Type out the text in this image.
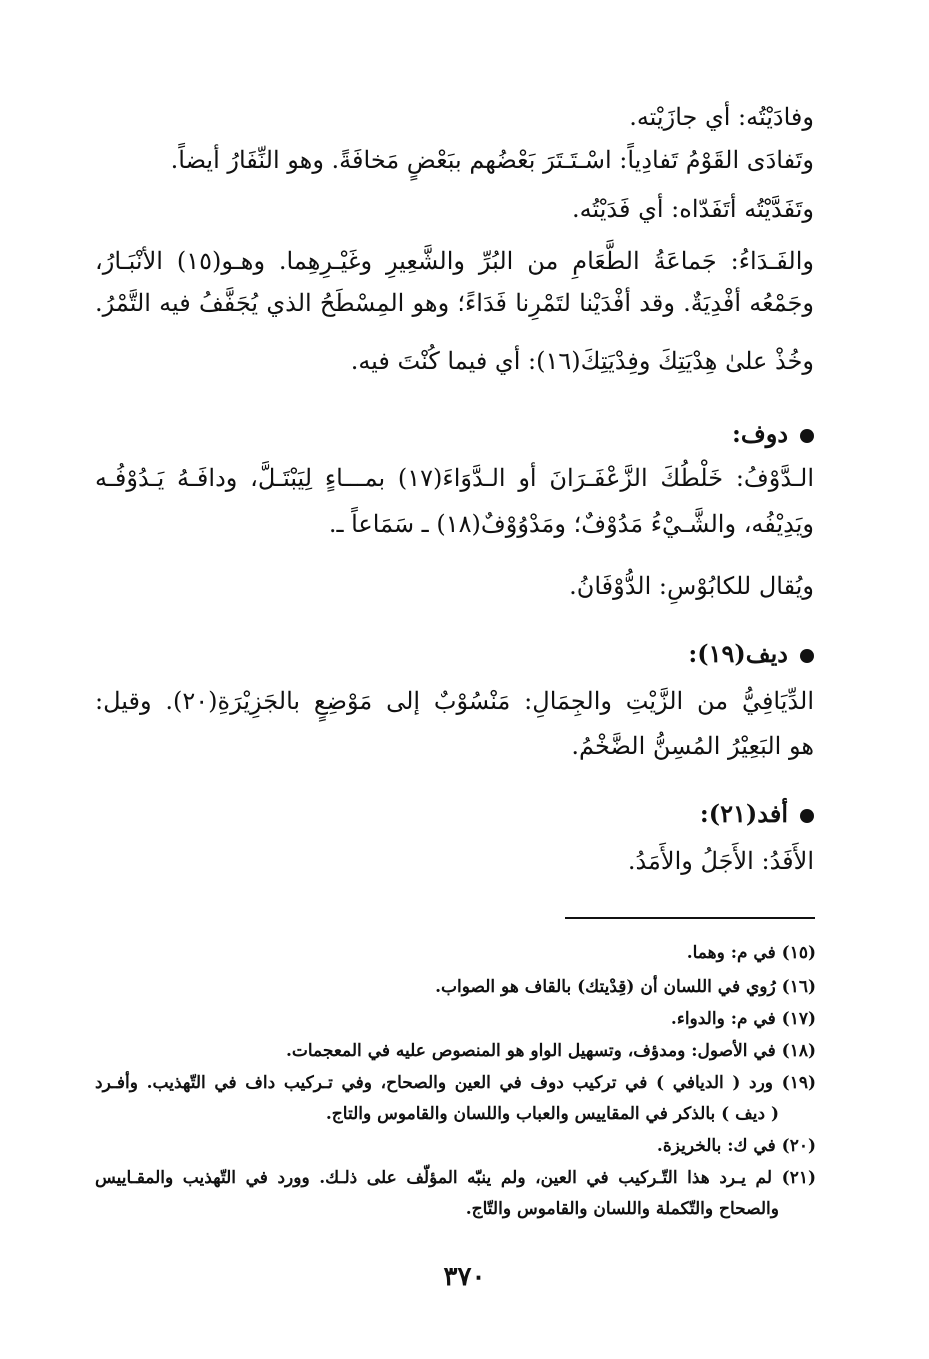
وفادَيْتُه: أي جازَيْته.
وتَفادَى القَوْمُ تَفادِياً: اسْـتَـتَرَ بَعْضُهم ببَعْضٍ مَخافَةً. وهو النِّفَارُ أيضاً.
وتَفَدَّيْتُه أتَفَدّاه: أي فَدَيْتُه.
والفَـدَاءُ: جَماعَةُ الطَّعَامِ من البُرِّ والشَّعِيرِ وغَيْـرِهِما. وهـو(١٥) الأنْبَـارُ،
وجَمْعُه أفْدِيَةٌ. وقد أفْدَيْنا لتَمْرِنا فَدَاءً؛ وهو المِسْطَحُ الذي يُجَفَّفُ فيه التَّمْرُ.
وخُذْ علىٰ هِدْيَتِكَ وفِدْيَتِكَ(١٦): أي فيما كُنْتَ فيه.
دوف:
الـدَّوْفُ: خَلْطُكَ الزَّعْفَـرَانَ أو الـدَّوَاءَ(١٧) بمـــاءٍ لِيَبْتَـلَّ، ودافَـهُ يَـدُوْفُـه
ويَدِيْفُه، والشَّـيْءُ مَدُوْفٌ؛ ومَدْوُوْفٌ(١٨) ـ سَمَاعاً ـ.
ويُقال للكابُوْسِ: الدُّوْفَانُ.
ديف(١٩):
الدِّيَافِيُّ من الزَّيْتِ والجِمَالِ: مَنْسُوْبٌ إلى مَوْضِعٍ بالجَزِيْرَةِ(٢٠). وقيل:
هو البَعِيْرُ المُسِنُّ الضَّخْمُ.
أفد(٢١):
الأَفَدُ: الأَجَلُ والأَمَدُ.
(١٥) في م: وهما.
(١٦) رُوي في اللسان أن (قِدْيتك) بالقاف هو الصواب.
(١٧) في م: والدواء.
(١٨) في الأصول: ومدؤف، وتسهيل الواو هو المنصوص عليه في المعجمات.
(١٩) ورد ( الديافي ) في تركيب دوف في العين والصحاح، وفي تـركيب داف في التّهذيب. وأفـرد
( ديف ) بالذكر في المقاييس والعباب واللسان والقاموس والتاج.
(٢٠) في ك: بالخريزة.
(٢١) لم يـرد هذا التّـركيب في العين، ولم ينبّه المؤلّف على ذلـك. وورد في التّهذيب والمقـاييس
والصحاح والتّكملة واللسان والقاموس والتّاج.
٣٧٠
